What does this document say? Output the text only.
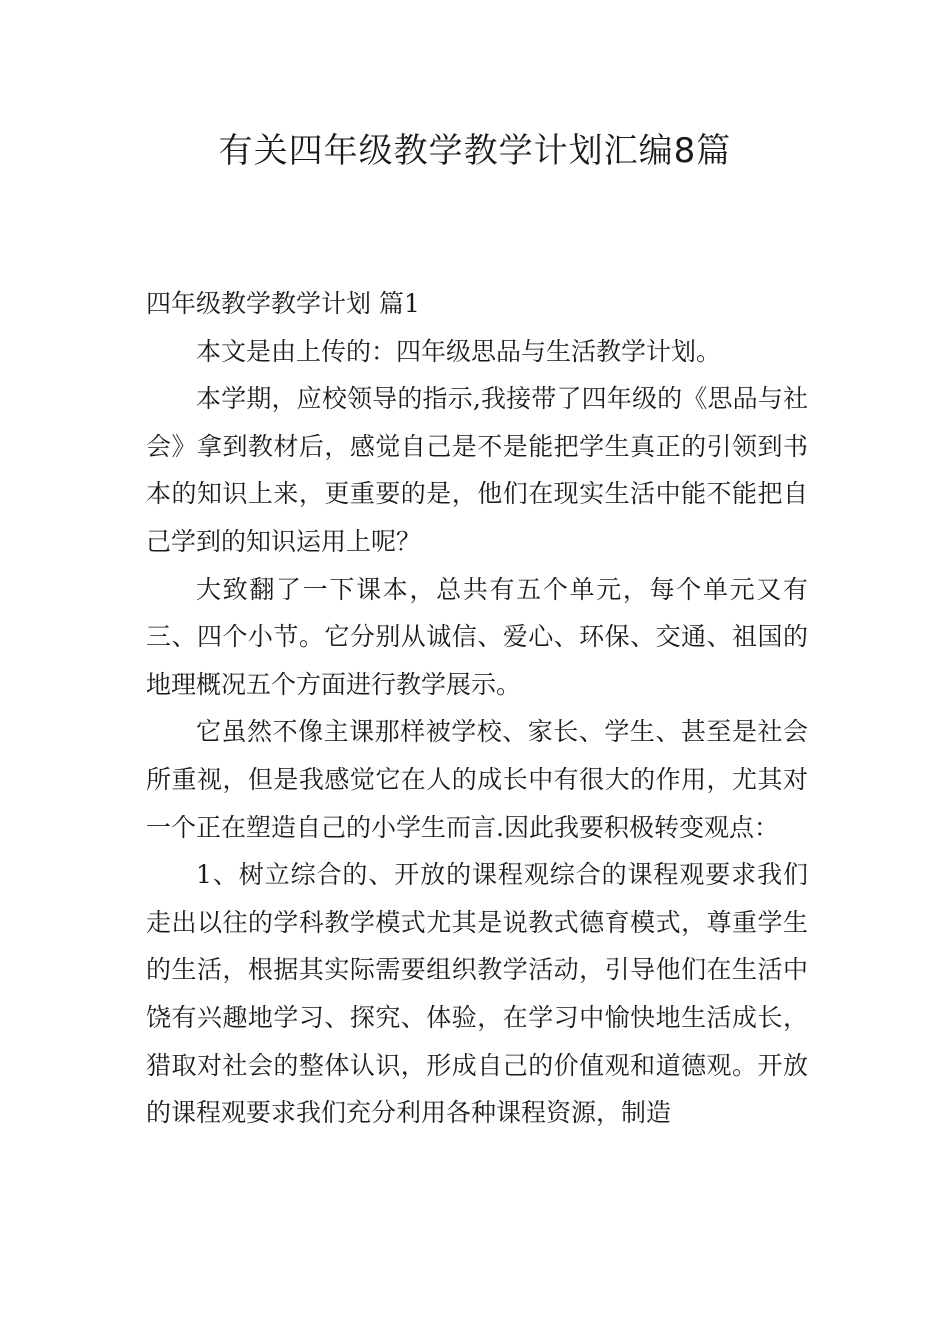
有关四年级教学教学计划汇编8篇

四年级教学教学计划 篇1

本文是由上传的：四年级思品与生活教学计划。

本学期，应校领导的指示,我接带了四年级的《思品与社会》拿到教材后，感觉自己是不是能把学生真正的引领到书本的知识上来，更重要的是，他们在现实生活中能不能把自己学到的知识运用上呢？

大致翻了一下课本，总共有五个单元，每个单元又有三、四个小节。它分别从诚信、爱心、环保、交通、祖国的地理概况五个方面进行教学展示。

它虽然不像主课那样被学校、家长、学生、甚至是社会所重视，但是我感觉它在人的成长中有很大的作用，尤其对一个正在塑造自己的小学生而言.因此我要积极转变观点：

1、树立综合的、开放的课程观综合的课程观要求我们走出以往的学科教学模式尤其是说教式德育模式，尊重学生的生活，根据其实际需要组织教学活动，引导他们在生活中饶有兴趣地学习、探究、体验，在学习中愉快地生活成长，猎取对社会的整体认识，形成自己的价值观和道德观。开放的课程观要求我们充分利用各种课程资源，制造
